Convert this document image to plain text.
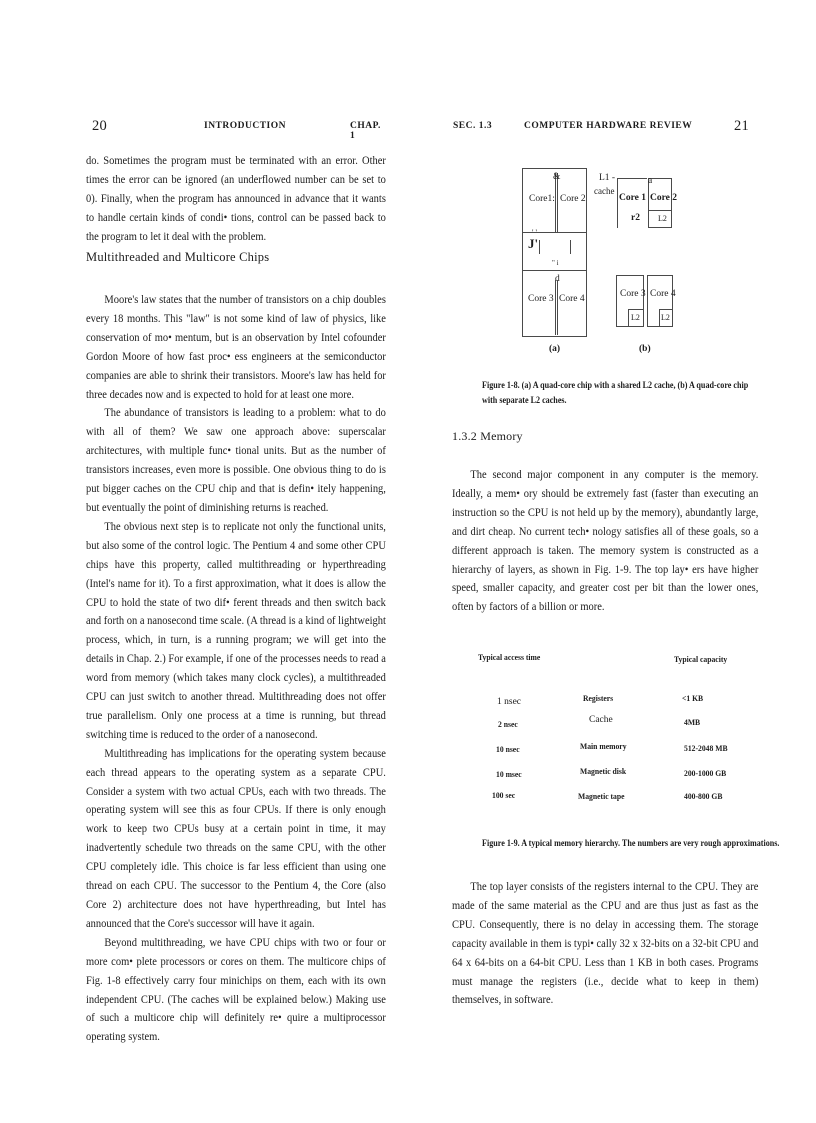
20	INTRODUCTION	CHAP. 1

do. Sometimes the program must be terminated with an error. Other times the error can be ignored (an underflowed number can be set to 0). Finally, when the program has announced in advance that it wants to handle certain kinds of condi• tions, control can be passed back to the program to let it deal with the problem.

Multithreaded and Multicore Chips

Moore's law states that the number of transistors on a chip doubles every 18 months. This "law" is not some kind of law of physics, like conservation of mo• mentum, but is an observation by Intel cofounder Gordon Moore of how fast proc• ess engineers at the semiconductor companies are able to shrink their transistors. Moore's law has held for three decades now and is expected to hold for at least one more.

The abundance of transistors is leading to a problem: what to do with all of them? We saw one approach above: superscalar architectures, with multiple func• tional units. But as the number of transistors increases, even more is possible. One obvious thing to do is put bigger caches on the CPU chip and that is defin• itely happening, but eventually the point of diminishing returns is reached.

The obvious next step is to replicate not only the functional units, but also some of the control logic. The Pentium 4 and some other CPU chips have this property, called multithreading or hyperthreading (Intel's name for it). To a first approximation, what it does is allow the CPU to hold the state of two dif• ferent threads and then switch back and forth on a nanosecond time scale. (A thread is a kind of lightweight process, which, in turn, is a running program; we will get into the details in Chap. 2.) For example, if one of the processes needs to read a word from memory (which takes many clock cycles), a multithreaded CPU can just switch to another thread. Multithreading does not offer true parallelism. Only one process at a time is running, but thread switching time is reduced to the order of a nanosecond.

Multithreading has implications for the operating system because each thread appears to the operating system as a separate CPU. Consider a system with two actual CPUs, each with two threads. The operating system will see this as four CPUs. If there is only enough work to keep two CPUs busy at a certain point in time, it may inadvertently schedule two threads on the same CPU, with the other CPU completely idle. This choice is far less efficient than using one thread on each CPU. The successor to the Pentium 4, the Core (also Core 2) architecture does not have hyperthreading, but Intel has announced that the Core's successor will have it again.

Beyond multithreading, we have CPU chips with two or four or more com• plete processors or cores on them. The multicore chips of Fig. 1-8 effectively carry four minichips on them, each with its own independent CPU. (The caches will be explained below.) Making use of such a multicore chip will definitely re• quire a multiprocessor operating system.

SEC. 1.3	COMPUTER HARDWARE REVIEW	21
Core1: Core 2
&
' '
J'
" i
d
Core 3 Core 4
L1 -
cache
a
Core 1 Core 2
r2 L2
Core 3 Core 4
L2	L2
(a)	(b)
Figure 1-8. (a) A quad-core chip with a shared L2 cache, (b) A quad-core chip with separate L2 caches.
1.3.2 Memory

The second major component in any computer is the memory. Ideally, a mem• ory should be extremely fast (faster than executing an instruction so the CPU is not held up by the memory), abundantly large, and dirt cheap. No current tech• nology satisfies all of these goals, so a different approach is taken. The memory system is constructed as a hierarchy of layers, as shown in Fig. 1-9. The top lay• ers have higher speed, smaller capacity, and greater cost per bit than the lower ones, often by factors of a billion or more.

Typical access time	Typical capacity
1 nsec	Registers	<1 KB
2 nsec	Cache	4MB
10 nsec	Main memory	512-2048 MB
10 msec	Magnetic disk	200-1000 GB
100 sec	Magnetic tape	400-800 GB
Figure 1-9. A typical memory hierarchy. The numbers are very rough approximations.

The top layer consists of the registers internal to the CPU. They are made of the same material as the CPU and are thus just as fast as the CPU. Consequently, there is no delay in accessing them. The storage capacity available in them is typi• cally 32 x 32-bits on a 32-bit CPU and 64 x 64-bits on a 64-bit CPU. Less than 1 KB in both cases. Programs must manage the registers (i.e., decide what to keep in them) themselves, in software.
